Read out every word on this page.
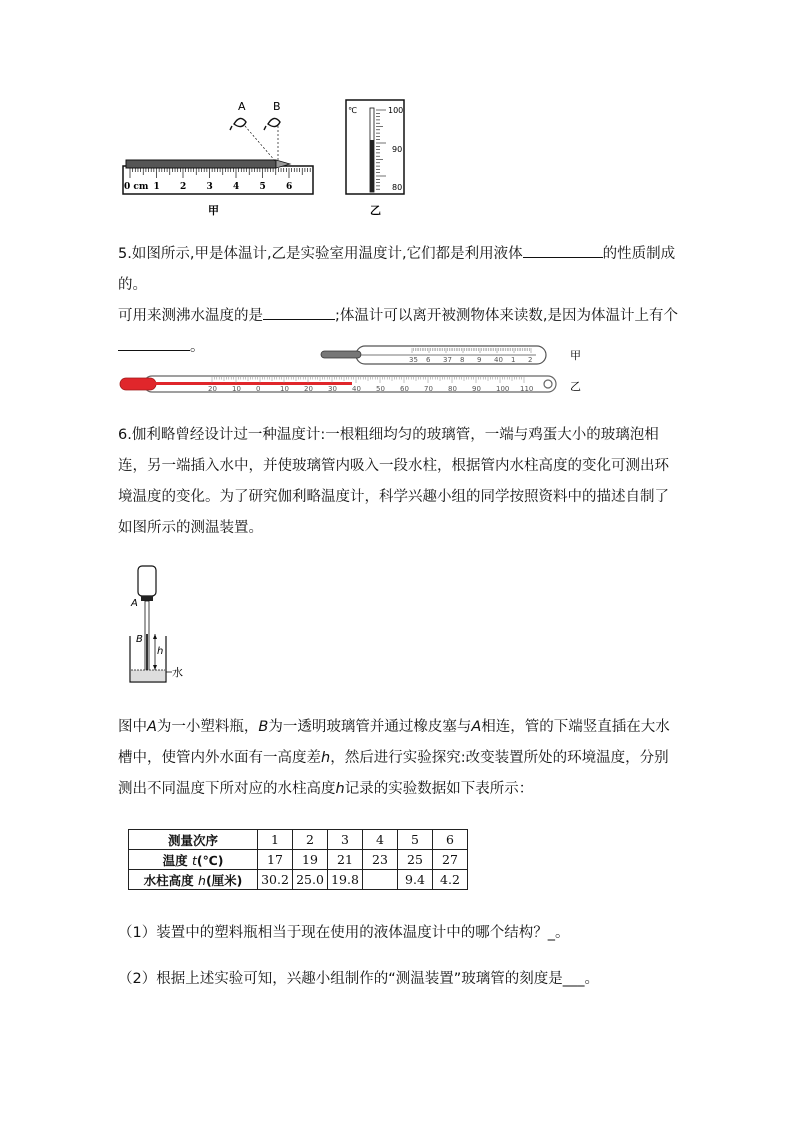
0 cm 1 2 3 4 5 6
A B
甲
℃	100
90
80
乙
5.如图所示,甲是体温计,乙是实验室用温度计,它们都是利用液体	的性质制成的。
可用来测沸水温度的是	;体温计可以离开被测物体来读数,是因为体温计上有个
。
35 6 37 8 9 40 1 2	甲
20 10 0	10 20 30 40 50 60 70 80 90 100 110	乙
6.伽利略曾经设计过一种温度计:一根粗细均匀的玻璃管，一端与鸡蛋大小的玻璃泡相连，另一端插入水中，并使玻璃管内吸入一段水柱，根据管内水柱高度的变化可测出环境温度的变化。为了研究伽利略温度计，科学兴趣小组的同学按照资料中的描述自制了如图所示的测温装置。
A
B
h
水
图中A为一小塑料瓶，B为一透明玻璃管并通过橡皮塞与A相连，管的下端竖直插在大水槽中，使管内外水面有一高度差h，然后进行实验探究:改变装置所处的环境温度，分别测出不同温度下所对应的水柱高度h记录的实验数据如下表所示：
测量次序	1	2	3	4	5	6
温度 t(℃)	17	19	21	23	25	27
水柱高度 h(厘米)	30.2	25.0	19.8		9.4	4.2
（1）装置中的塑料瓶相当于现在使用的液体温度计中的哪个结构？_。
（2）根据上述实验可知，兴趣小组制作的“测温装置”玻璃管的刻度是___。
